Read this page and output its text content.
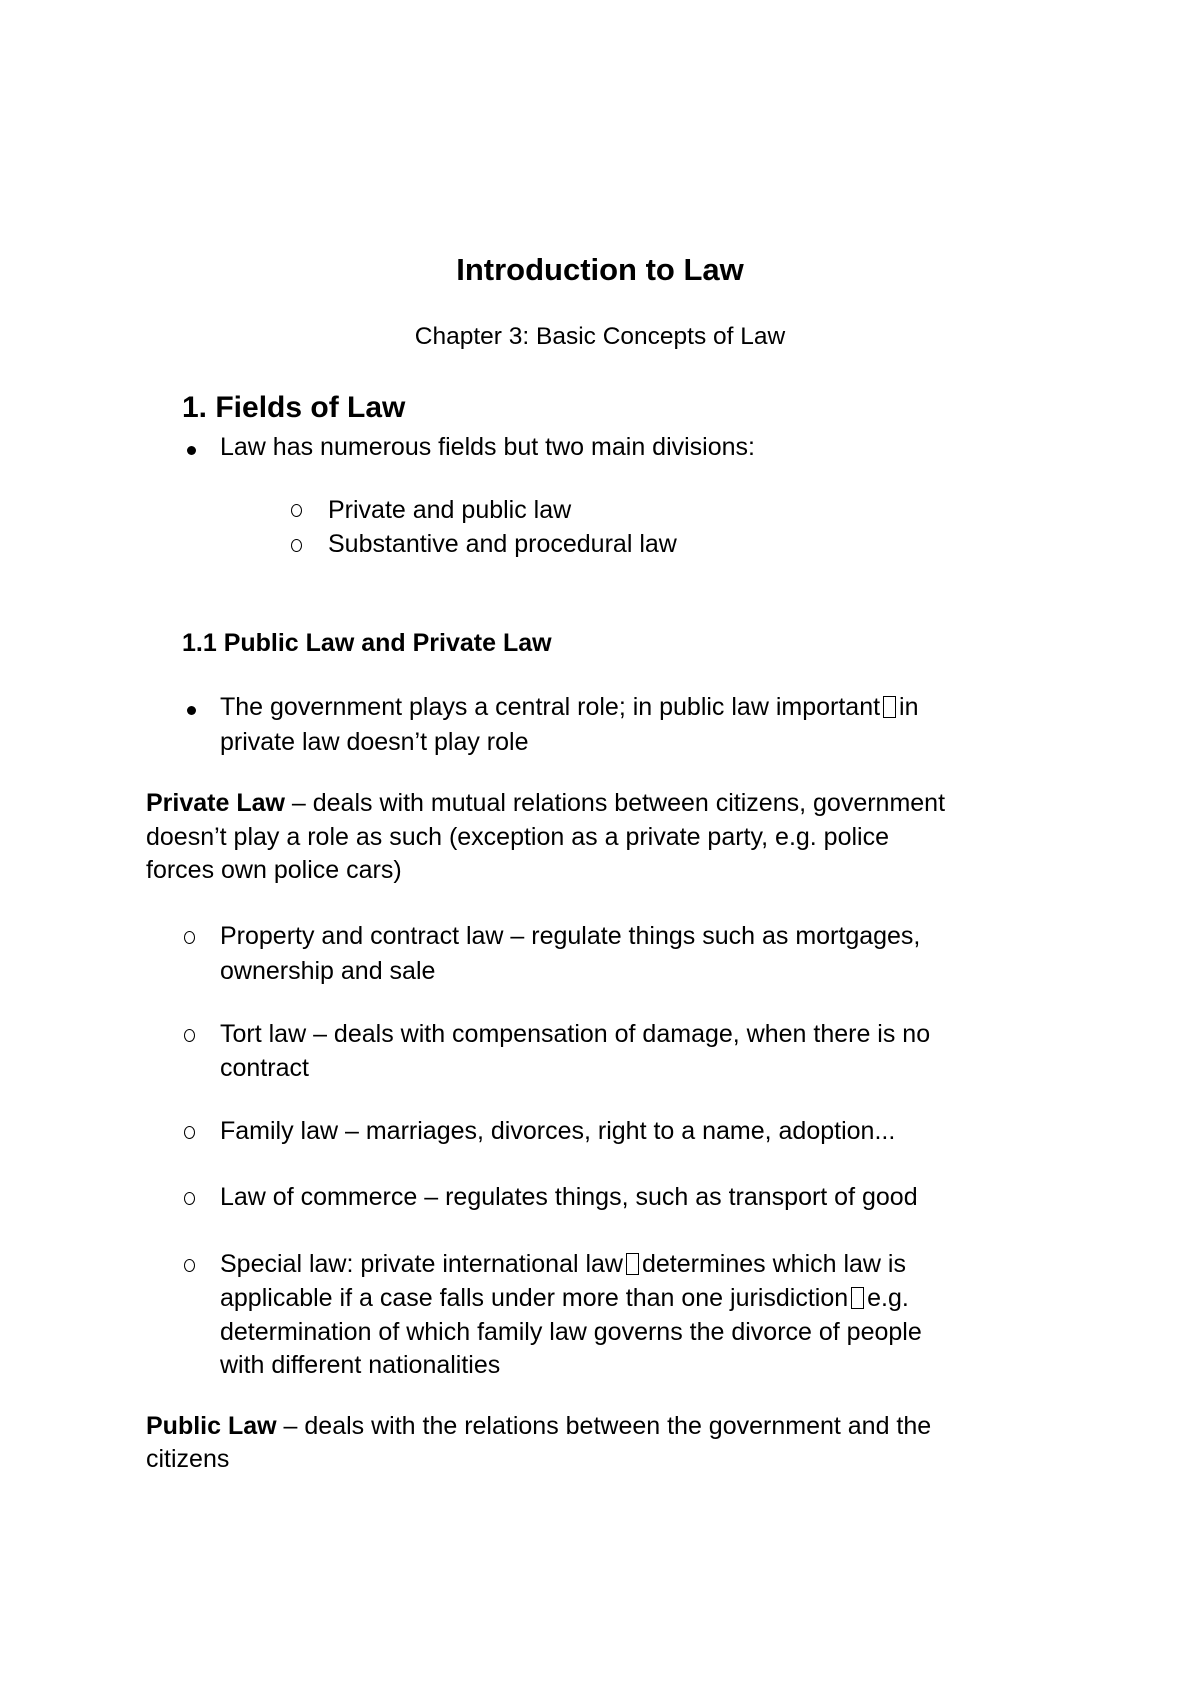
Introduction to Law
Chapter 3: Basic Concepts of Law
1. Fields of Law
Law has numerous fields but two main divisions:
Private and public law
Substantive and procedural law
1.1 Public Law and Private Law
The government plays a central role; in public law important in
private law doesn’t play role
Private Law – deals with mutual relations between citizens, government
doesn’t play a role as such (exception as a private party, e.g. police
forces own police cars)
Property and contract law – regulate things such as mortgages,
ownership and sale
Tort law – deals with compensation of damage, when there is no
contract
Family law – marriages, divorces, right to a name, adoption...
Law of commerce – regulates things, such as transport of good
Special law: private international law determines which law is
applicable if a case falls under more than one jurisdiction e.g.
determination of which family law governs the divorce of people
with different nationalities
Public Law – deals with the relations between the government and the
citizens
